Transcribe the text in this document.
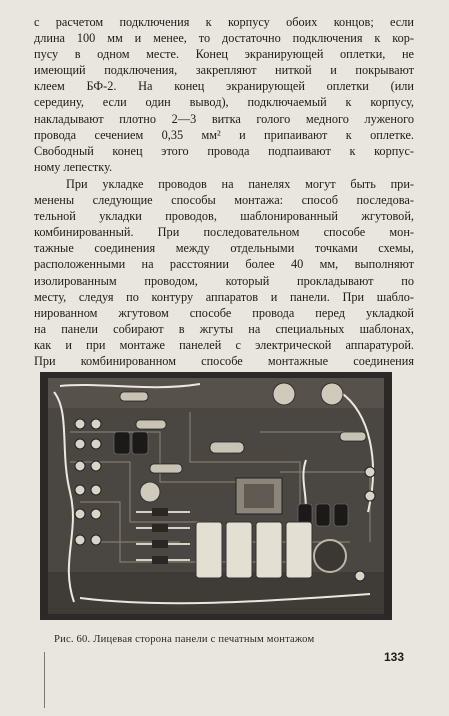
с расчетом подключения к корпусу обоих концов; если
длина 100 мм и менее, то достаточно подключения к кор-
пусу в одном месте. Конец экранирующей оплетки, не
имеющий подключения, закрепляют ниткой и покрывают
клеем БФ-2. На конец экранирующей оплетки (или
середину, если один вывод), подключаемый к корпусу,
накладывают плотно 2—3 витка голого медного луженого
провода сечением 0,35 мм² и припаивают к оплетке.
Свободный конец этого провода подпаивают к корпус-
ному лепестку.
При укладке проводов на панелях могут быть при-
менены следующие способы монтажа: способ последова-
тельной укладки проводов, шаблонированный жгутовой,
комбинированный. При последовательном способе мон-
тажные соединения между отдельными точками схемы,
расположенными на расстоянии более 40 мм, выполняют
изолированным проводом, который прокладывают по
месту, следуя по контуру аппаратов и панели. При шабло-
нированном жгутовом способе провода перед укладкой
на панели собирают в жгуты на специальных шаблонах,
как и при монтаже панелей с электрической аппаратурой.
При комбинированном способе монтажные соединения
Рис. 60. Лицевая сторона панели с печатным монтажом
133
